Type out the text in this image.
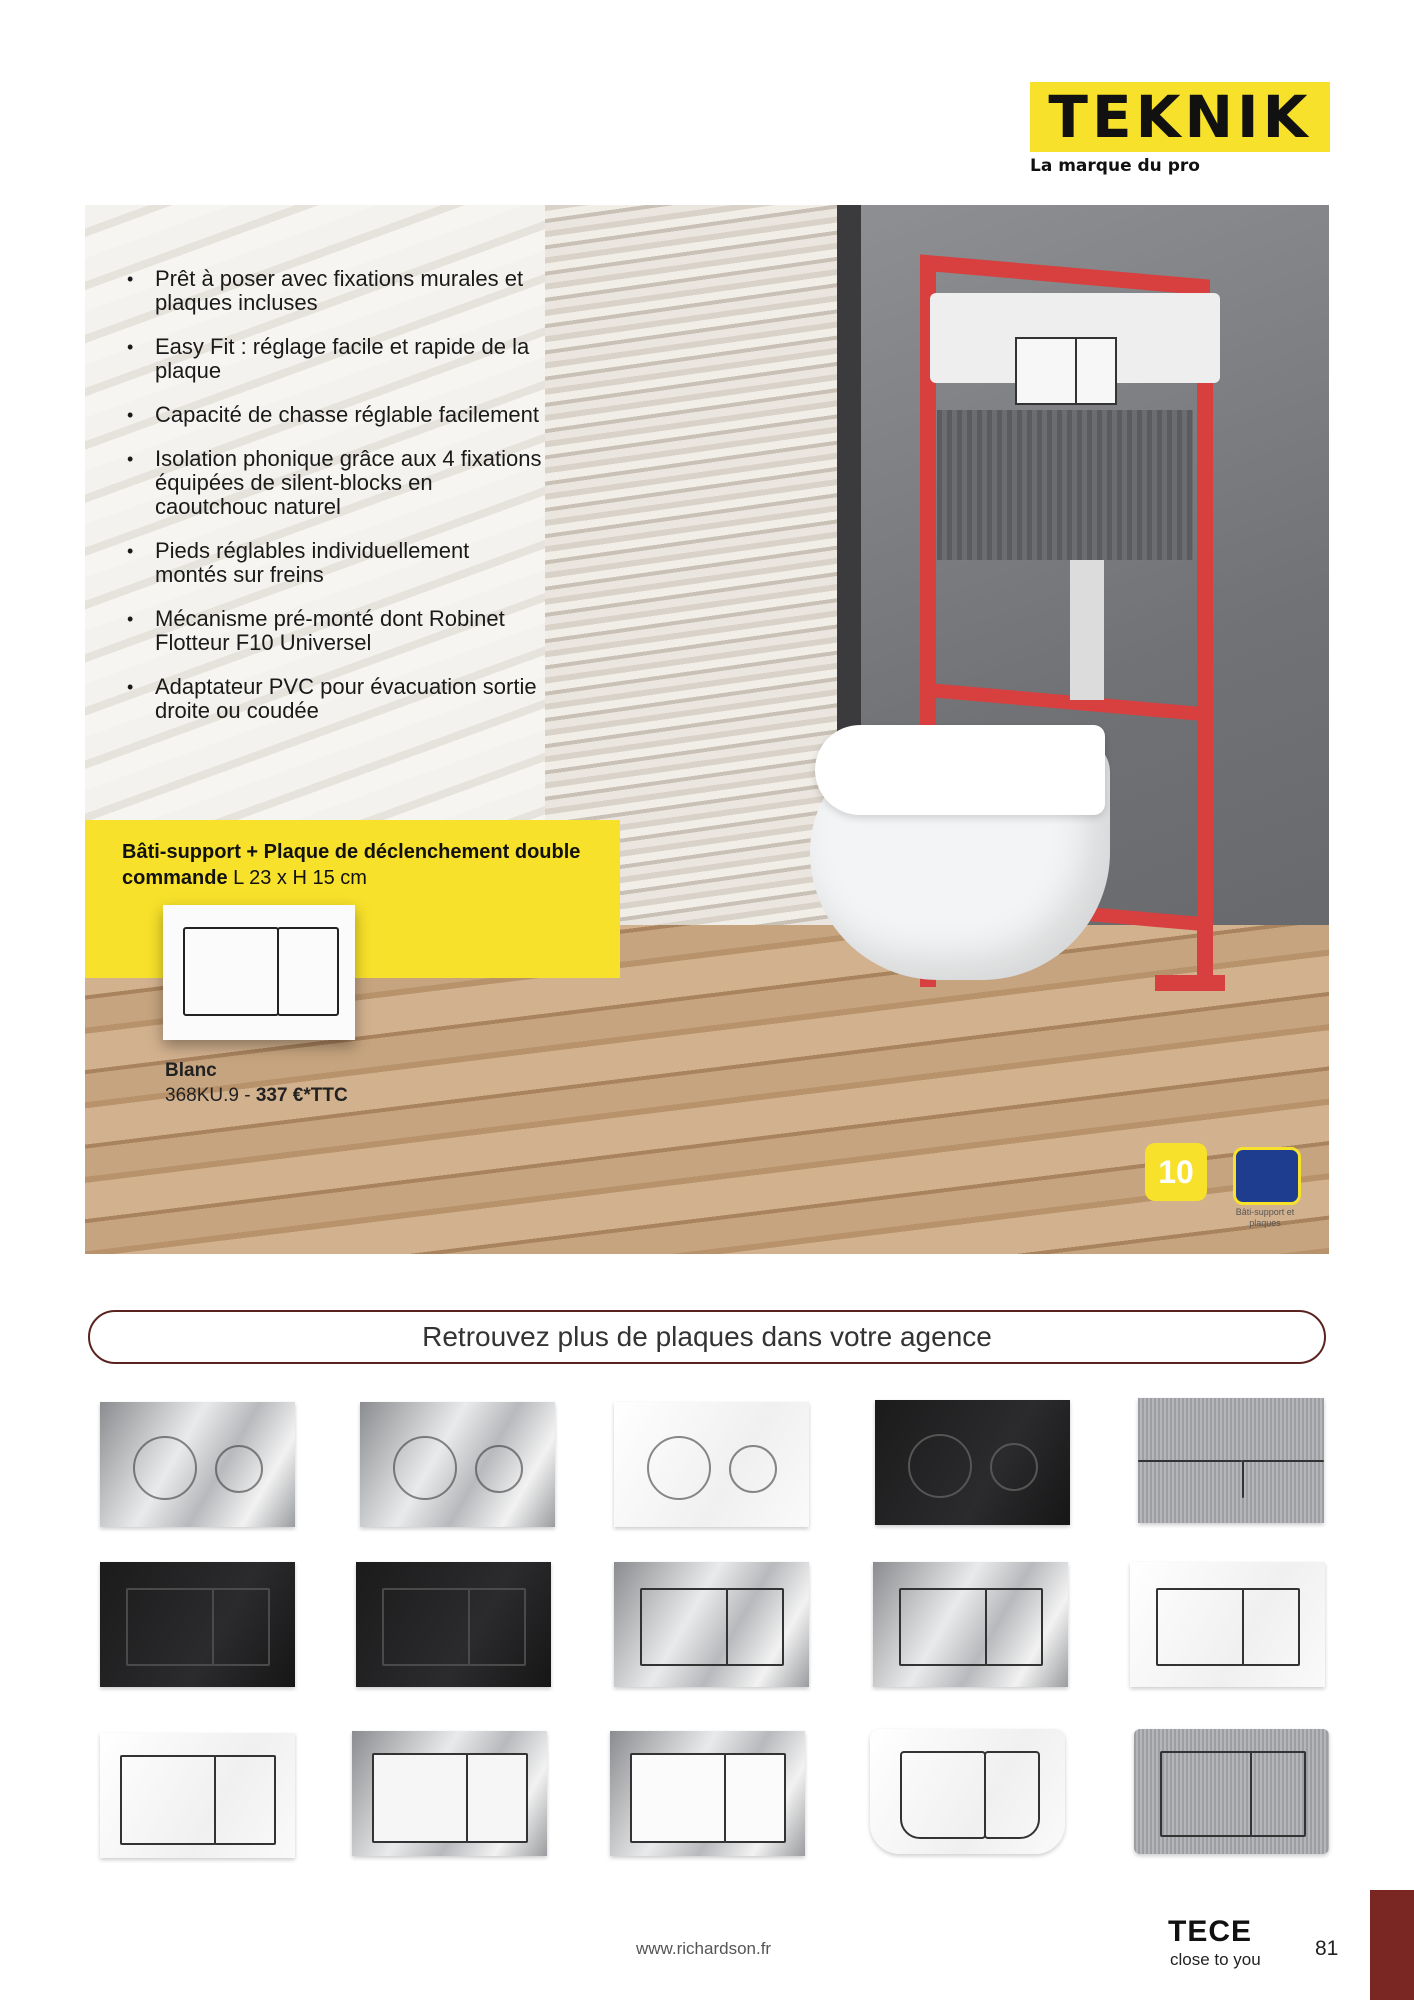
TEKNIK
La marque du pro
• Prêt à poser avec fixations murales et plaques incluses
• Easy Fit : réglage facile et rapide de la plaque
• Capacité de chasse réglable facilement
• Isolation phonique grâce aux 4 fixations équipées de silent-blocks en caoutchouc naturel
• Pieds réglables individuellement montés sur freins
• Mécanisme pré-monté dont Robinet Flotteur F10 Universel
• Adaptateur PVC pour évacuation sortie droite ou coudée
Bâti-support + Plaque de déclenchement double commande L 23 x H 15 cm
Blanc
368KU.9 - 337 €*TTC
10
Bâti-support et plaques
Retrouvez plus de plaques dans votre agence
www.richardson.fr
TECE
close to you	81
